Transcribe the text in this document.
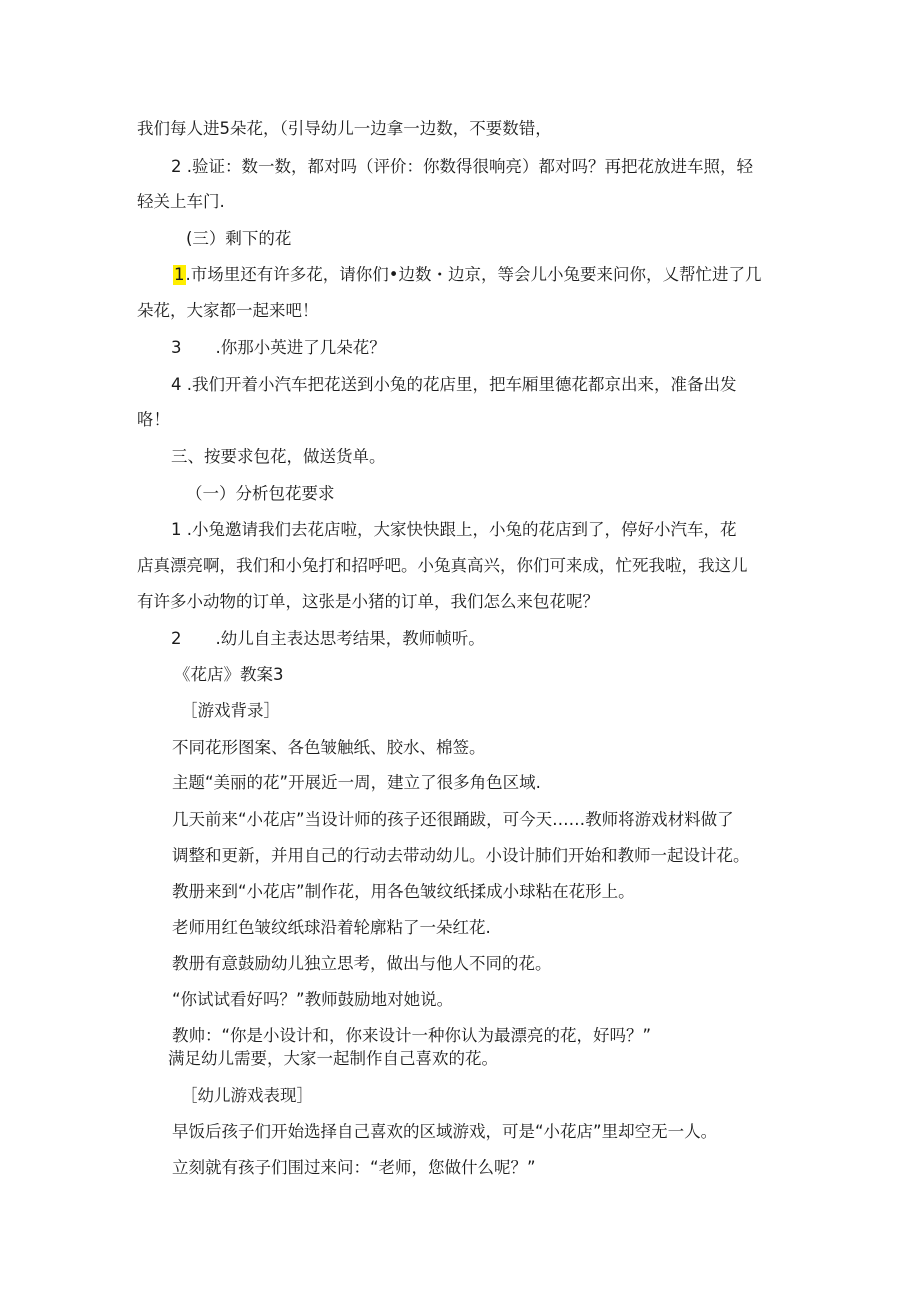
我们每人进5朵花，（引导幼儿一边拿一边数，不要数错，
2 .验证：数一数，都对吗（评价：你数得很响亮）都对吗？再把花放进车照，轻
轻关上车门.
(三）剩下的花
1.市场里还有许多花，请你们•边数・边京，等会儿小兔要来问你，乂帮忙进了几
朵花，大家都一起来吧！
3 .你那小英进了几朵花？
4 .我们开着小汽车把花送到小兔的花店里，把车厢里德花都京出来，准备出发
咯！
三、按要求包花，做送货单。
（一）分析包花要求
1 .小兔邀请我们去花店啦，大家快快跟上，小兔的花店到了，停好小汽车，花
店真漂亮啊，我们和小兔打和招呼吧。小兔真高兴，你们可来成，忙死我啦，我这儿
有许多小动物的订单，这张是小猪的订单，我们怎么来包花呢？
2 .幼儿自主表达思考结果，教师帧听。
《花店》教案3
［游戏背录］
不同花形图案、各色皱触纸、胶水、棉签。
主题“美丽的花”开展近一周，建立了很多角色区域.
几天前来“小花店”当设计师的孩子还很踊跋，可今天……教师将游戏材料做了
调整和更新，并用自己的行动去带动幼儿。小设计肺们开始和教师一起设计花。
教册来到“小花店”制作花，用各色皱纹纸揉成小球粘在花形上。
老师用红色皱纹纸球沿着轮廓粘了一朵红花.
教册有意鼓励幼儿独立思考，做出与他人不同的花。
“你试试看好吗？”教师鼓励地对她说。
教帅：“你是小设计和，你来设计一种你认为最漂亮的花，好吗？”
满足幼儿需要，大家一起制作自己喜欢的花。
［幼儿游戏表现］
早饭后孩子们开始选择自己喜欢的区域游戏，可是“小花店”里却空无一人。
立刻就有孩子们围过来问：“老师，您做什么呢？”
